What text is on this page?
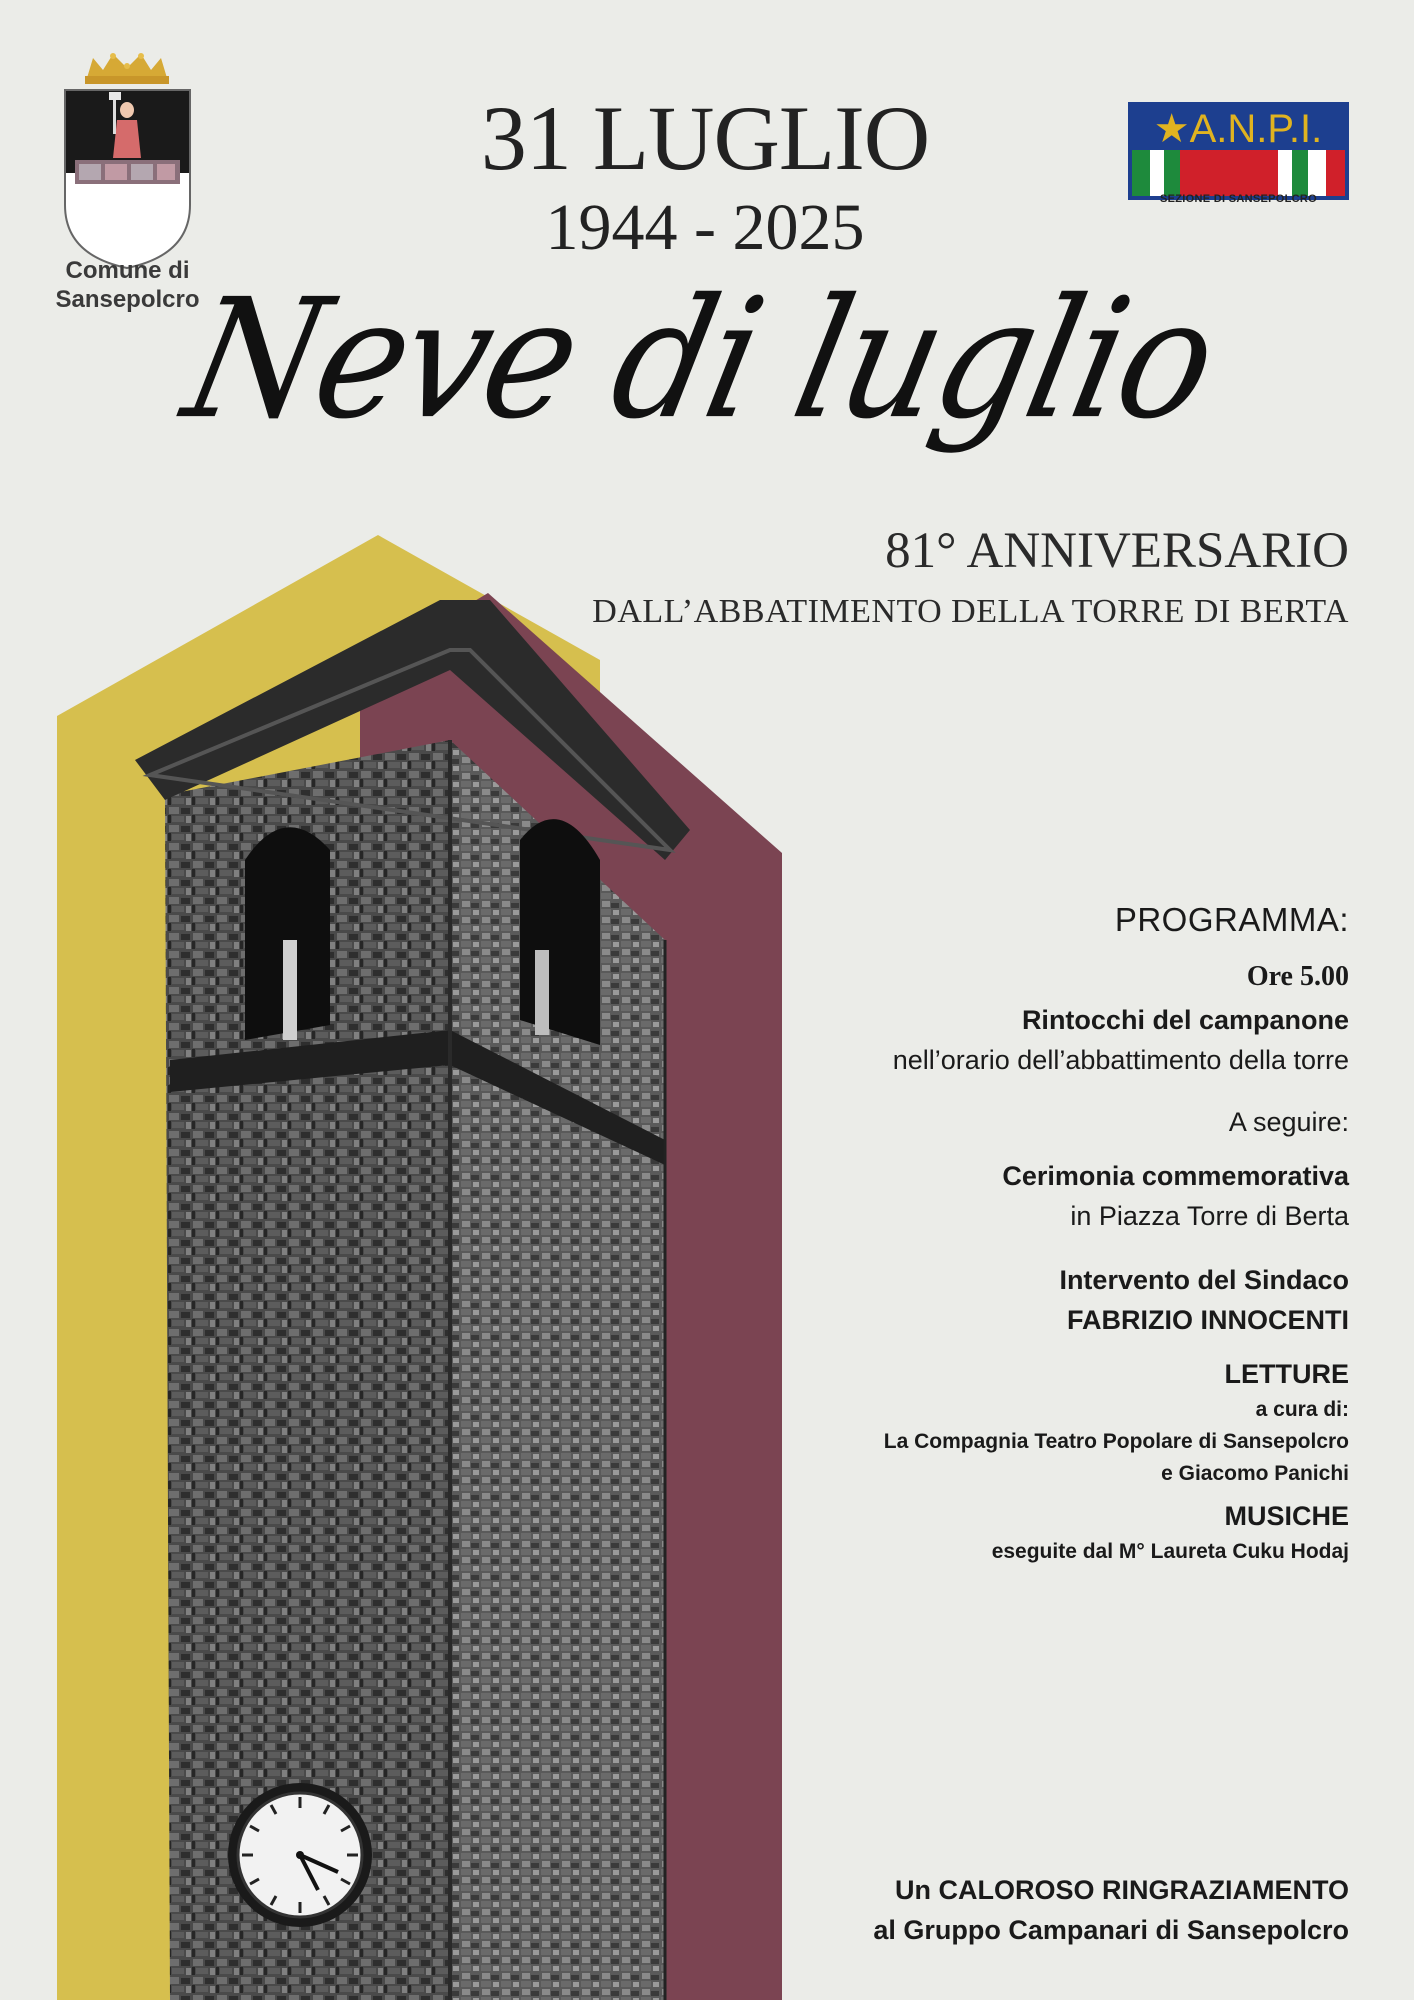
Comune di
Sansepolcro
★A.N.P.I.
SEZIONE DI SANSEPOLCRO
31 LUGLIO
1944 - 2025
Neve di luglio
81° ANNIVERSARIO
DALL’ABBATIMENTO DELLA TORRE DI BERTA
PROGRAMMA:
Ore 5.00
Rintocchi del campanone
nell’orario dell’abbattimento della torre
A seguire:
Cerimonia commemorativa
in Piazza Torre di Berta
Intervento del Sindaco
FABRIZIO INNOCENTI
LETTURE
a cura di:
La Compagnia Teatro Popolare di Sansepolcro
e Giacomo Panichi
MUSICHE
eseguite dal M° Laureta Cuku Hodaj
Un CALOROSO RINGRAZIAMENTO
al Gruppo Campanari di Sansepolcro
